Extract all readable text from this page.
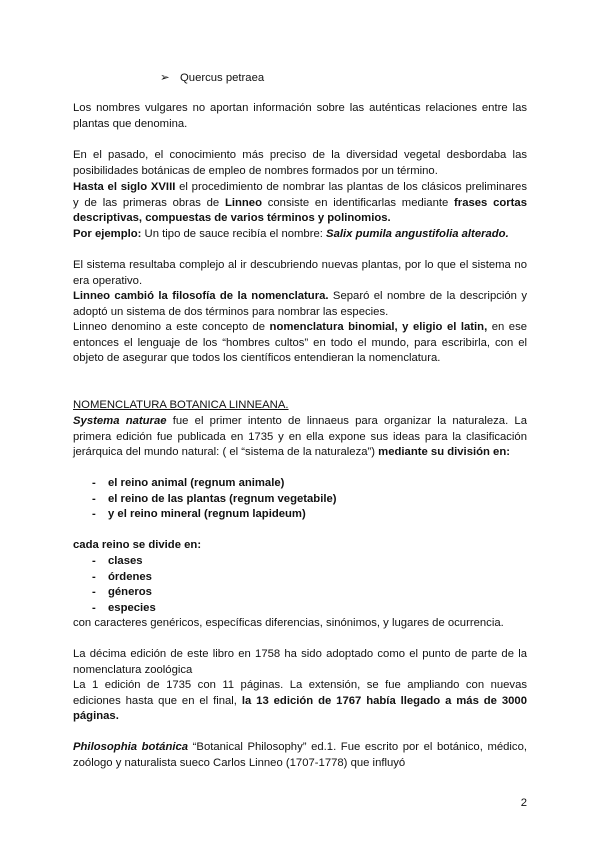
➢ Quercus petraea
Los nombres vulgares no aportan información sobre las auténticas relaciones entre las plantas que denomina.
En el pasado, el conocimiento más preciso de la diversidad vegetal desbordaba las posibilidades botánicas de empleo de nombres formados por un término.
Hasta el siglo XVIII el procedimiento de nombrar las plantas de los clásicos preliminares y de las primeras obras de Linneo consiste en identificarlas mediante frases cortas descriptivas, compuestas de varios términos y polinomios.
Por ejemplo: Un tipo de sauce recibía el nombre: Salix pumila angustifolia alterado.
El sistema resultaba complejo al ir descubriendo nuevas plantas, por lo que el sistema no era operativo.
Linneo cambió la filosofía de la nomenclatura. Separó el nombre de la descripción y adoptó un sistema de dos términos para nombrar las especies.
Linneo denomino a este concepto de nomenclatura binomial, y eligio el latin, en ese entonces el lenguaje de los “hombres cultos” en todo el mundo, para escribirla, con el objeto de asegurar que todos los científicos entendieran la nomenclatura.
NOMENCLATURA BOTANICA LINNEANA.
Systema naturae fue el primer intento de linnaeus para organizar la naturaleza. La primera edición fue publicada en 1735 y en ella expone sus ideas para la clasificación jerárquica del mundo natural: ( el “sistema de la naturaleza”) mediante su división en:
- el reino animal (regnum animale)
- el reino de las plantas (regnum vegetabile)
- y el reino mineral (regnum lapideum)
cada reino se divide en:
- clases
- órdenes
- géneros
- especies
con caracteres genéricos, específicas diferencias, sinónimos, y lugares de ocurrencia.
La décima edición de este libro en 1758 ha sido adoptado como el punto de parte de la nomenclatura zoológica
La 1 edición de 1735 con 11 páginas. La extensión, se fue ampliando con nuevas ediciones hasta que en el final, la 13 edición de 1767 había llegado a más de 3000 páginas.
Philosophia botánica “Botanical Philosophy” ed.1. Fue escrito por el botánico, médico, zoólogo y naturalista sueco Carlos Linneo (1707-1778) que influyó
2
